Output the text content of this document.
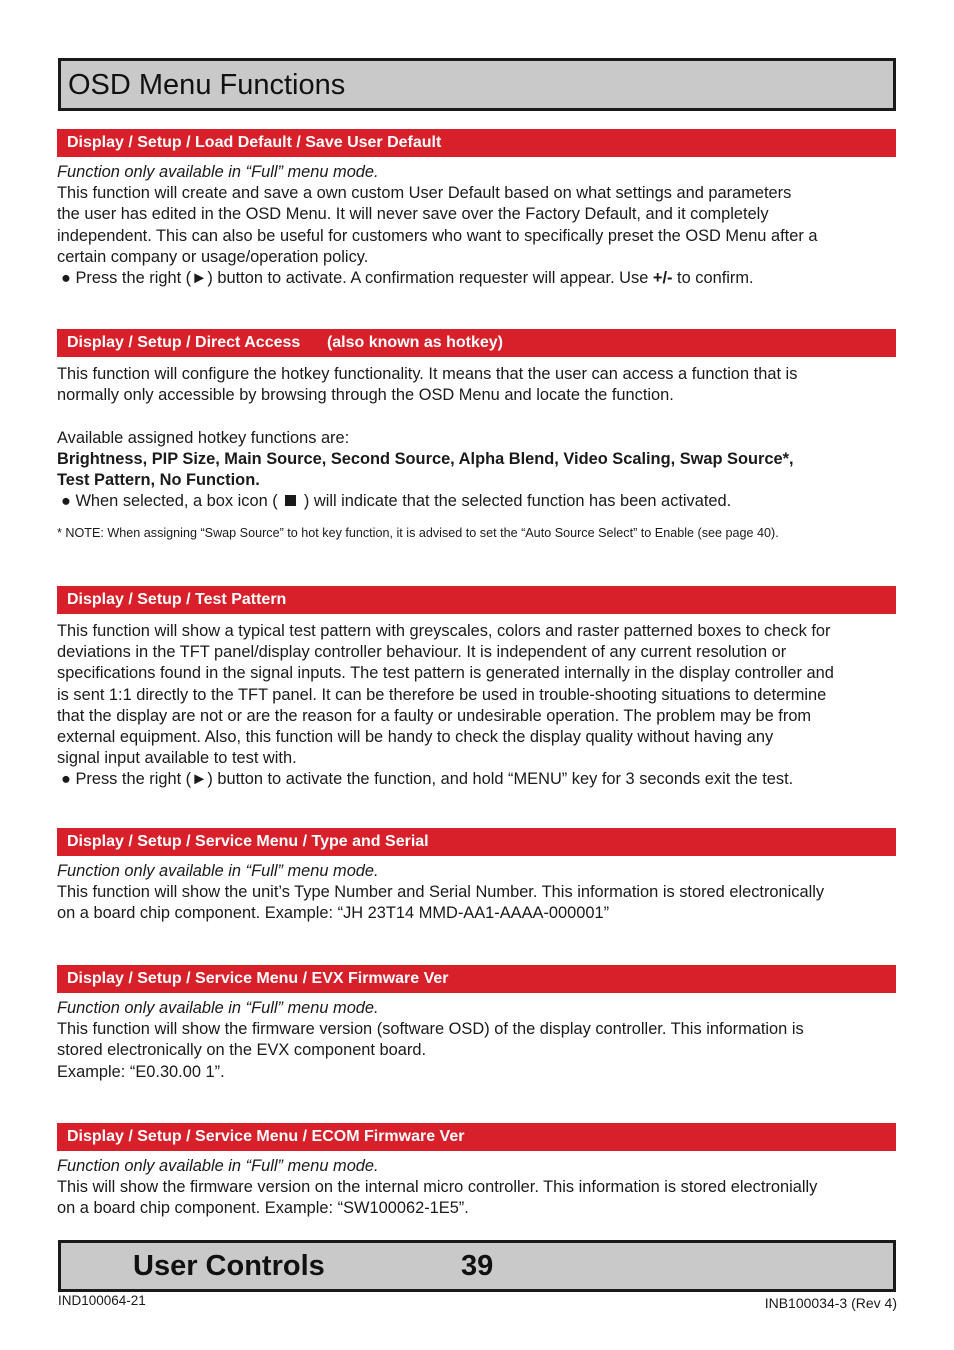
OSD Menu Functions
Display / Setup / Load Default / Save User Default
Function only available in “Full” menu mode.
This function will create and save a own custom User Default based on what settings and parameters
the user has edited in the OSD Menu. It will never save over the Factory Default, and it completely
independent. This can also be useful for customers who want to specifically preset the OSD Menu after a
certain company or usage/operation policy.
● Press the right (►) button to activate. A confirmation requester will appear. Use +/- to confirm.
Display / Setup / Direct Access      (also known as hotkey)
This function will configure the hotkey functionality. It means that the user can access a function that is
normally only accessible by browsing through the OSD Menu and locate the function.
Available assigned hotkey functions are:
Brightness, PIP Size, Main Source, Second Source, Alpha Blend, Video Scaling, Swap Source*,
Test Pattern, No Function.
● When selected, a box icon ( ) will indicate that the selected function has been activated.
* NOTE: When assigning “Swap Source” to hot key function, it is advised to set the “Auto Source Select” to Enable (see page 40).
Display / Setup / Test Pattern
This function will show a typical test pattern with greyscales, colors and raster patterned boxes to check for
deviations in the TFT panel/display controller behaviour. It is independent of any current resolution or
specifications found in the signal inputs. The test pattern is generated internally in the display controller and
is sent 1:1 directly to the TFT panel. It can be therefore be used in trouble-shooting situations to determine
that the display are not or are the reason for a faulty or undesirable operation. The problem may be from
external equipment. Also, this function will be handy to check the display quality without having any
signal input available to test with.
● Press the right (►) button to activate the function, and hold “MENU” key for 3 seconds exit the test.
Display / Setup / Service Menu / Type and Serial
Function only available in “Full” menu mode.
This function will show the unit’s Type Number and Serial Number. This information is stored electronically
on a board chip component. Example: “JH 23T14 MMD-AA1-AAAA-000001”
Display / Setup / Service Menu / EVX Firmware Ver
Function only available in “Full” menu mode.
This function will show the firmware version (software OSD) of the display controller. This information is
stored electronically on the EVX component board.
Example: “E0.30.00 1”.
Display / Setup / Service Menu / ECOM Firmware Ver
Function only available in “Full” menu mode.
This will show the firmware version on the internal micro controller. This information is stored electronially
on a board chip component. Example: “SW100062-1E5”.
User Controls	39
IND100064-21	INB100034-3 (Rev 4)
